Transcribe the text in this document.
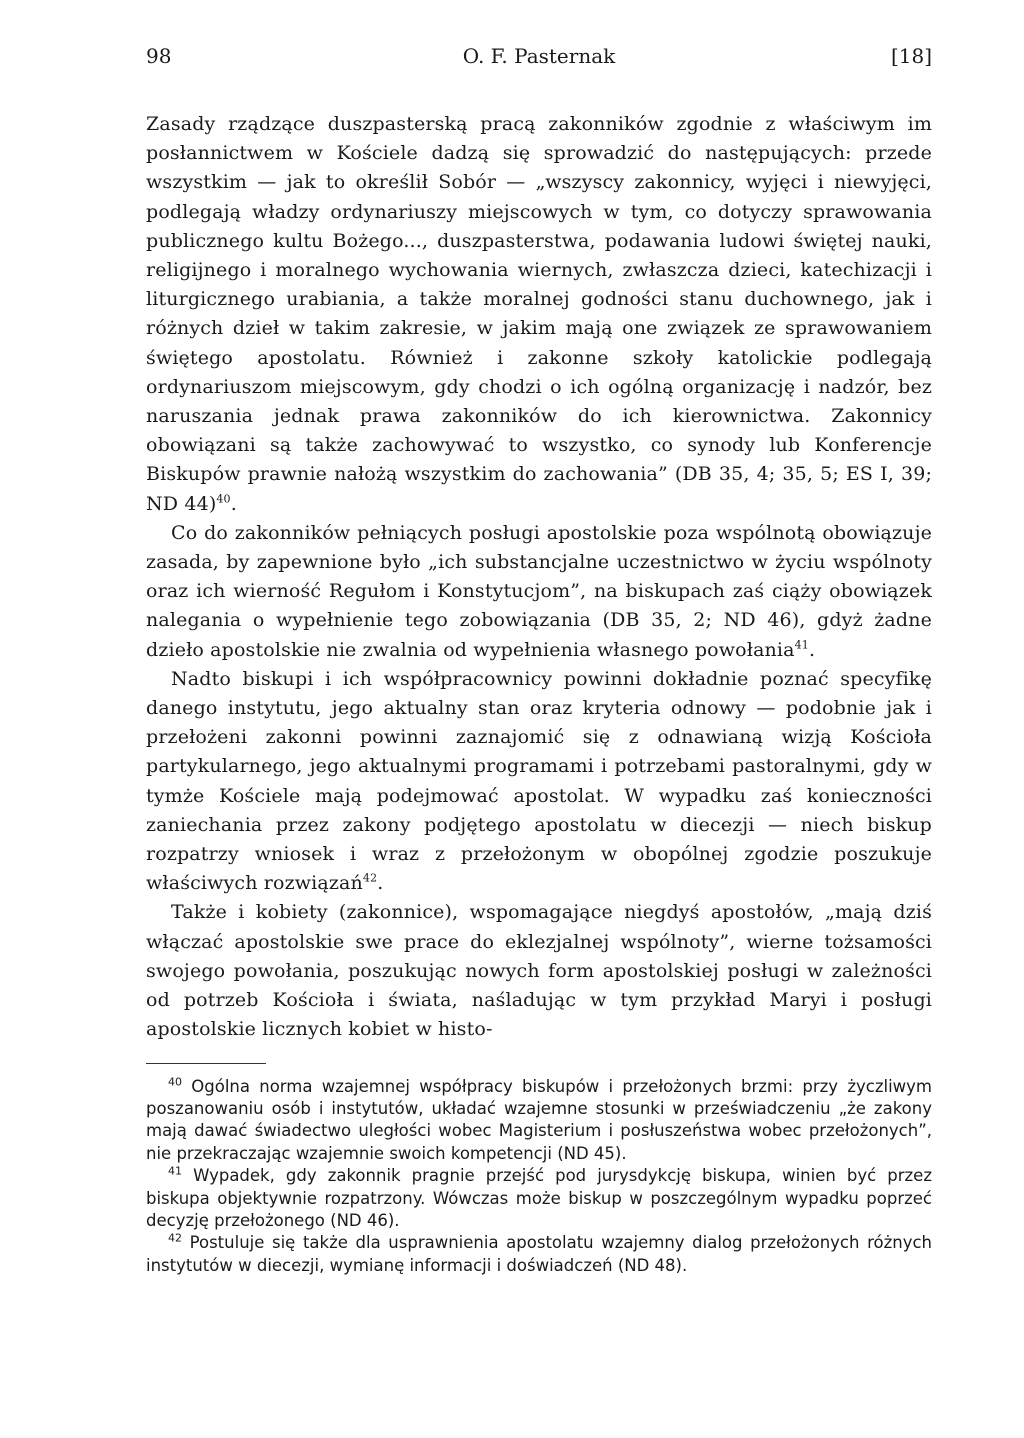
98	O. F. Pasternak	[18]

Zasady rządzące duszpasterską pracą zakonników zgodnie z właściwym im posłannictwem w Kościele dadzą się sprowadzić do następujących: przede wszystkim — jak to określił Sobór — „wszyscy zakonnicy, wyjęci i niewyjęci, podlegają władzy ordynariuszy miejscowych w tym, co dotyczy sprawowania publicznego kultu Bożego..., duszpasterstwa, podawania ludowi świętej nauki, religijnego i moralnego wychowania wiernych, zwłaszcza dzieci, katechizacji i liturgicznego urabiania, a także moralnej godności stanu duchownego, jak i różnych dzieł w takim zakresie, w jakim mają one związek ze sprawowaniem świętego apostolatu. Również i zakonne szkoły katolickie podlegają ordynariuszom miejscowym, gdy chodzi o ich ogólną organizację i nadzór, bez naruszania jednak prawa zakonników do ich kierownictwa. Zakonnicy obowiązani są także zachowywać to wszystko, co synody lub Konferencje Biskupów prawnie nałożą wszystkim do zachowania” (DB 35, 4; 35, 5; ES I, 39; ND 44)$^{40}$.

Co do zakonników pełniących posługi apostolskie poza wspólnotą obowiązuje zasada, by zapewnione było „ich substancjalne uczestnictwo w życiu wspólnoty oraz ich wierność Regułom i Konstytucjom”, na biskupach zaś ciąży obowiązek nalegania o wypełnienie tego zobowiązania (DB 35, 2; ND 46), gdyż żadne dzieło apostolskie nie zwalnia od wypełnienia własnego powołania$^{41}$.

Nadto biskupi i ich współpracownicy powinni dokładnie poznać specyfikę danego instytutu, jego aktualny stan oraz kryteria odnowy — podobnie jak i przełożeni zakonni powinni zaznajomić się z odnawianą wizją Kościoła partykularnego, jego aktualnymi programami i potrzebami pastoralnymi, gdy w tymże Kościele mają podejmować apostolat. W wypadku zaś konieczności zaniechania przez zakony podjętego apostolatu w diecezji — niech biskup rozpatrzy wniosek i wraz z przełożonym w obopólnej zgodzie poszukuje właściwych rozwiązań$^{42}$.

Także i kobiety (zakonnice), wspomagające niegdyś apostołów, „mają dziś włączać apostolskie swe prace do eklezjalnej wspólnoty”, wierne tożsamości swojego powołania, poszukując nowych form apostolskiej posługi w zależności od potrzeb Kościoła i świata, naśladując w tym przykład Maryi i posługi apostolskie licznych kobiet w histo-

$^{40}$ Ogólna norma wzajemnej współpracy biskupów i przełożonych brzmi: przy życzliwym poszanowaniu osób i instytutów, układać wzajemne stosunki w przeświadczeniu „że zakony mają dawać świadectwo uległości wobec Magisterium i posłuszeństwa wobec przełożonych”, nie przekraczając wzajemnie swoich kompetencji (ND 45).

$^{41}$ Wypadek, gdy zakonnik pragnie przejść pod jurysdykcję biskupa, winien być przez biskupa objektywnie rozpatrzony. Wówczas może biskup w poszczególnym wypadku poprzeć decyzję przełożonego (ND 46).

$^{42}$ Postuluje się także dla usprawnienia apostolatu wzajemny dialog przełożonych różnych instytutów w diecezji, wymianę informacji i doświadczeń (ND 48).
